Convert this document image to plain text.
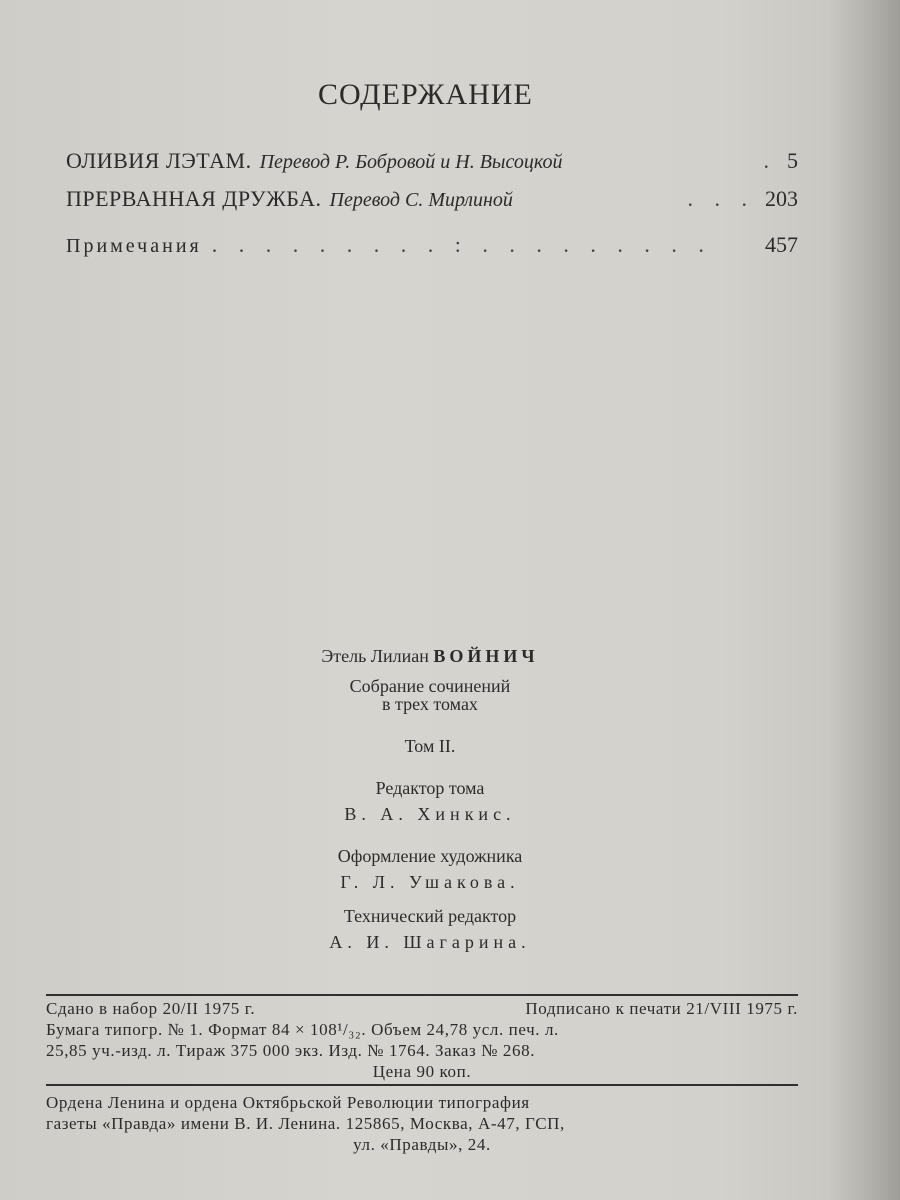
СОДЕРЖАНИЕ
ОЛИВИЯ ЛЭТАМ. Перевод Р. Бобровой и Н. Высоцкой	. 5
ПРЕРВАННАЯ ДРУЖБА. Перевод С. Мирлиной	. . . 203
Примечания . . . . . . . . . : . . . . . . . . .	457
Этель Лилиан ВОЙНИЧ
Собрание сочинений
в трех томах
Том II.
Редактор тома
В. А. Хинкис.
Оформление художника
Г. Л. Ушакова.
Технический редактор
А. И. Шагарина.
Сдано в набор 20/II 1975 г.	Подписано к печати 21/VIII 1975 г.
Бумага типогр. № 1. Формат 84 × 108¹/₃₂. Объем 24,78 усл. печ. л.
25,85 уч.-изд. л. Тираж 375 000 экз. Изд. № 1764. Заказ № 268.
Цена 90 коп.
Ордена Ленина и ордена Октябрьской Революции типография
газеты «Правда» имени В. И. Ленина. 125865, Москва, А-47, ГСП,
ул. «Правды», 24.
